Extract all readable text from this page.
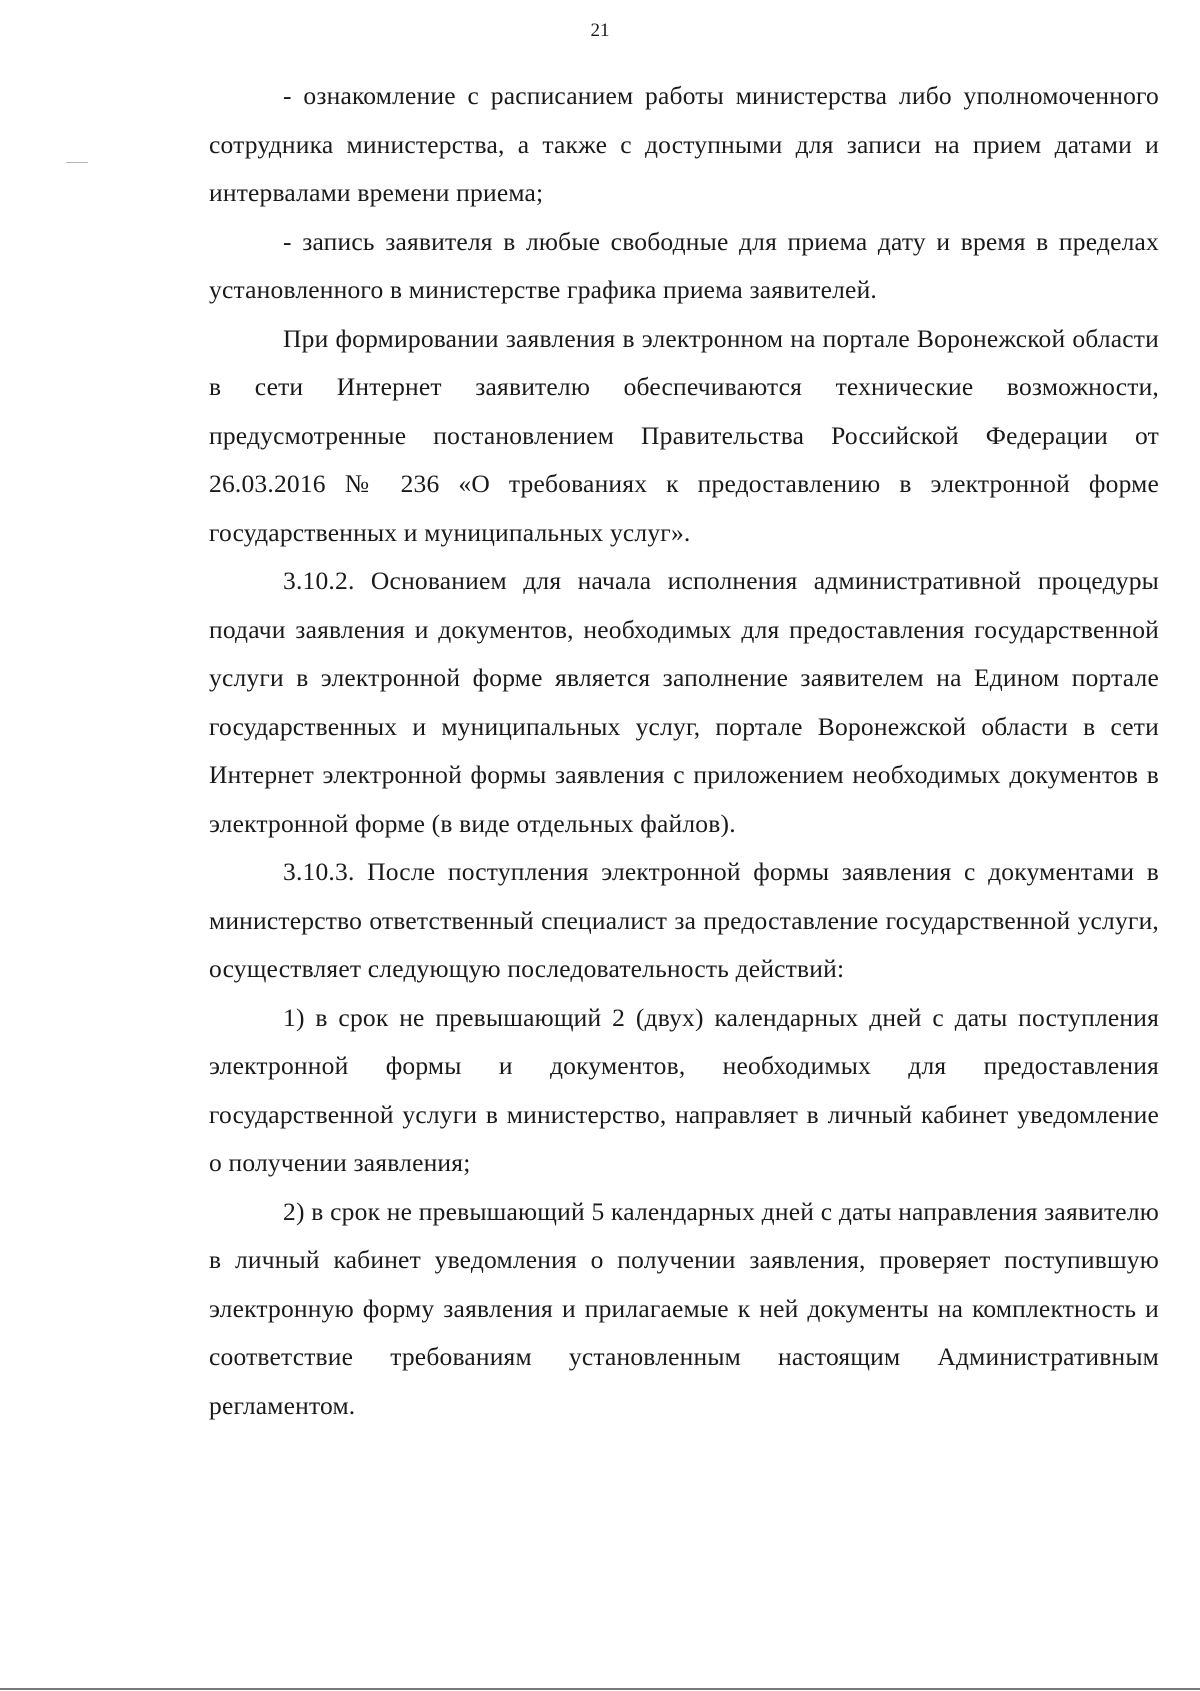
21

- ознакомление с расписанием работы министерства либо уполномоченного сотрудника министерства, а также с доступными для записи на прием датами и интервалами времени приема;

- запись заявителя в любые свободные для приема дату и время в пределах установленного в министерстве графика приема заявителей.

При формировании заявления в электронном на портале Воронежской области в сети Интернет заявителю обеспечиваются технические возможности, предусмотренные постановлением Правительства Российской Федерации от 26.03.2016 № 236 «О требованиях к предоставлению в электронной форме государственных и муниципальных услуг».

3.10.2. Основанием для начала исполнения административной процедуры подачи заявления и документов, необходимых для предоставления государственной услуги в электронной форме является заполнение заявителем на Едином портале государственных и муниципальных услуг, портале Воронежской области в сети Интернет электронной формы заявления с приложением необходимых документов в электронной форме (в виде отдельных файлов).

3.10.3. После поступления электронной формы заявления с документами в министерство ответственный специалист за предоставление государственной услуги, осуществляет следующую последовательность действий:

1) в срок не превышающий 2 (двух) календарных дней с даты поступления электронной формы и документов, необходимых для предоставления государственной услуги в министерство, направляет в личный кабинет уведомление о получении заявления;

2) в срок не превышающий 5 календарных дней с даты направления заявителю в личный кабинет уведомления о получении заявления, проверяет поступившую электронную форму заявления и прилагаемые к ней документы на комплектность и соответствие требованиям установленным настоящим Административным регламентом.
